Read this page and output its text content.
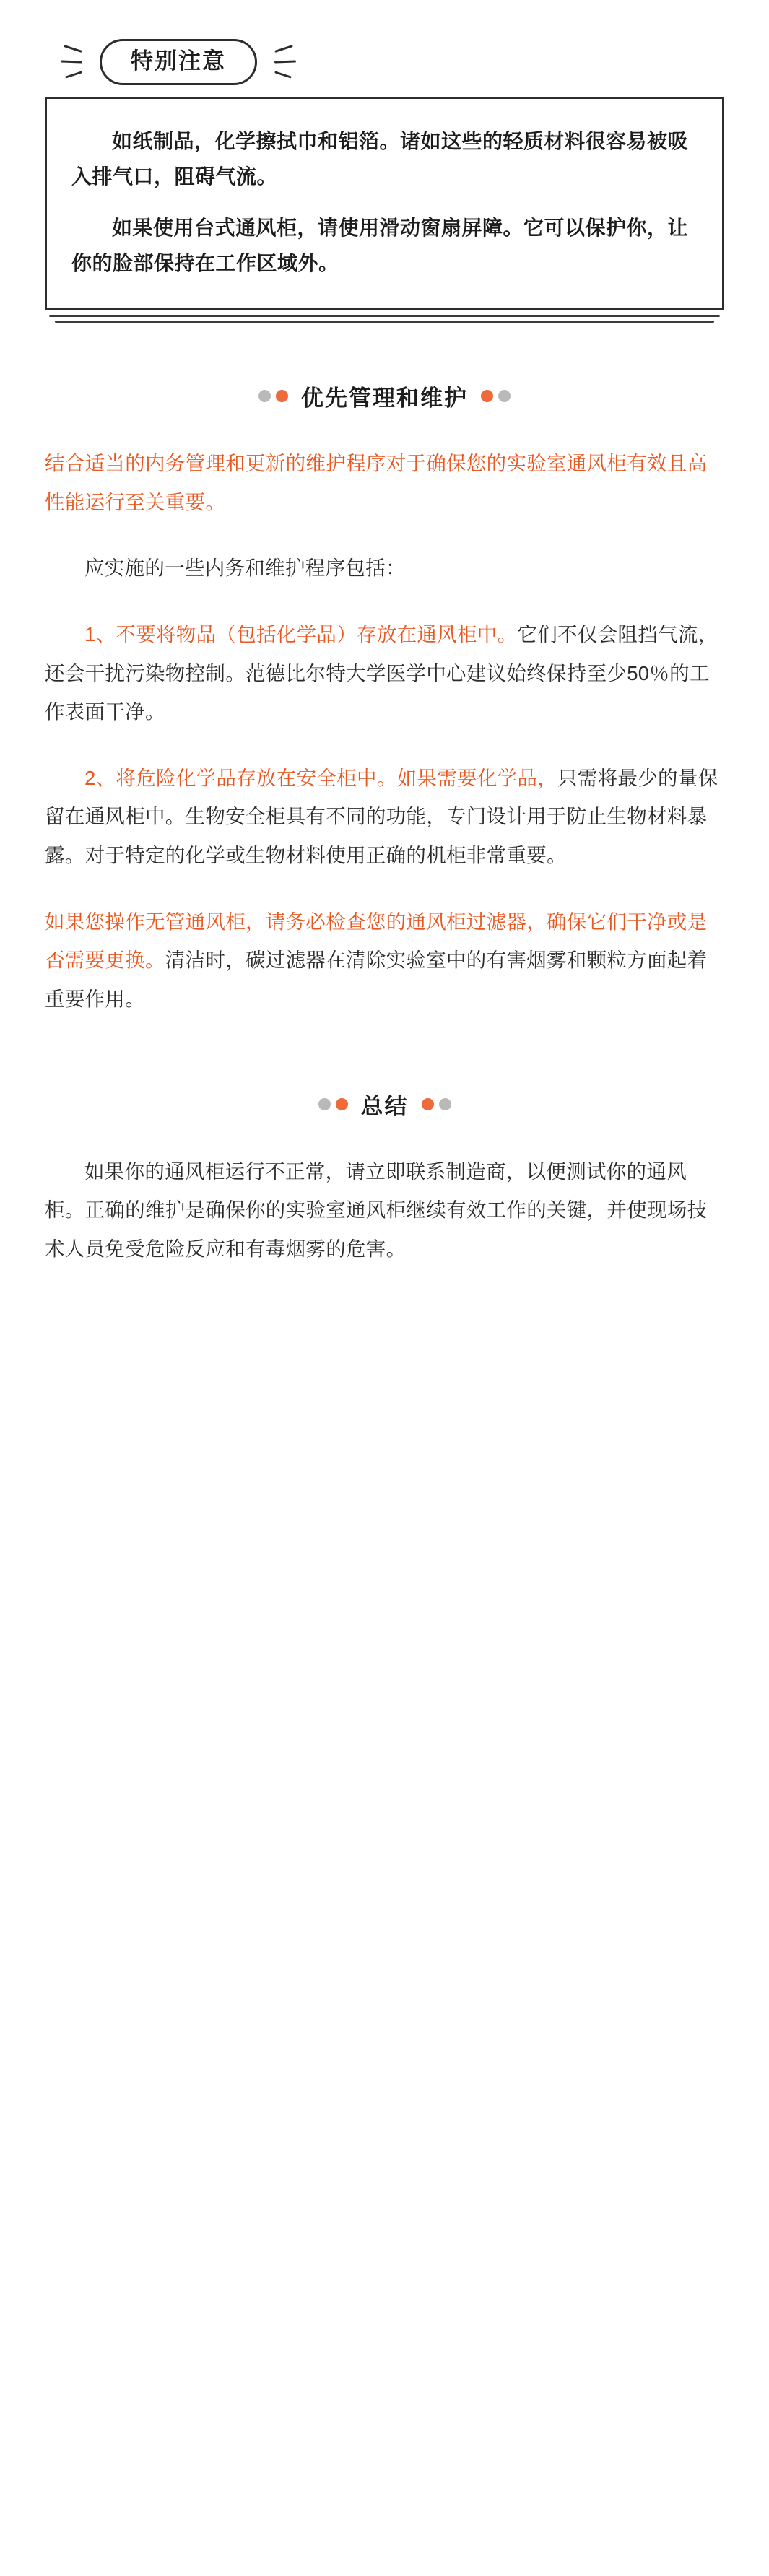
特别注意

如纸制品，化学擦拭巾和铝箔。诸如这些的轻质材料很容易被吸入排气口，阻碍气流。

如果使用台式通风柜，请使用滑动窗扇屏障。它可以保护你，让你的脸部保持在工作区域外。

优先管理和维护

结合适当的内务管理和更新的维护程序对于确保您的实验室通风柜有效且高性能运行至关重要。

应实施的一些内务和维护程序包括：

1、不要将物品（包括化学品）存放在通风柜中。它们不仅会阻挡气流，还会干扰污染物控制。范德比尔特大学医学中心建议始终保持至少50％的工作表面干净。

2、将危险化学品存放在安全柜中。如果需要化学品，只需将最少的量保留在通风柜中。生物安全柜具有不同的功能，专门设计用于防止生物材料暴露。对于特定的化学或生物材料使用正确的机柜非常重要。

如果您操作无管通风柜，请务必检查您的通风柜过滤器，确保它们干净或是否需要更换。清洁时，碳过滤器在清除实验室中的有害烟雾和颗粒方面起着重要作用。

总结

如果你的通风柜运行不正常，请立即联系制造商，以便测试你的通风柜。正确的维护是确保你的实验室通风柜继续有效工作的关键，并使现场技术人员免受危险反应和有毒烟雾的危害。
